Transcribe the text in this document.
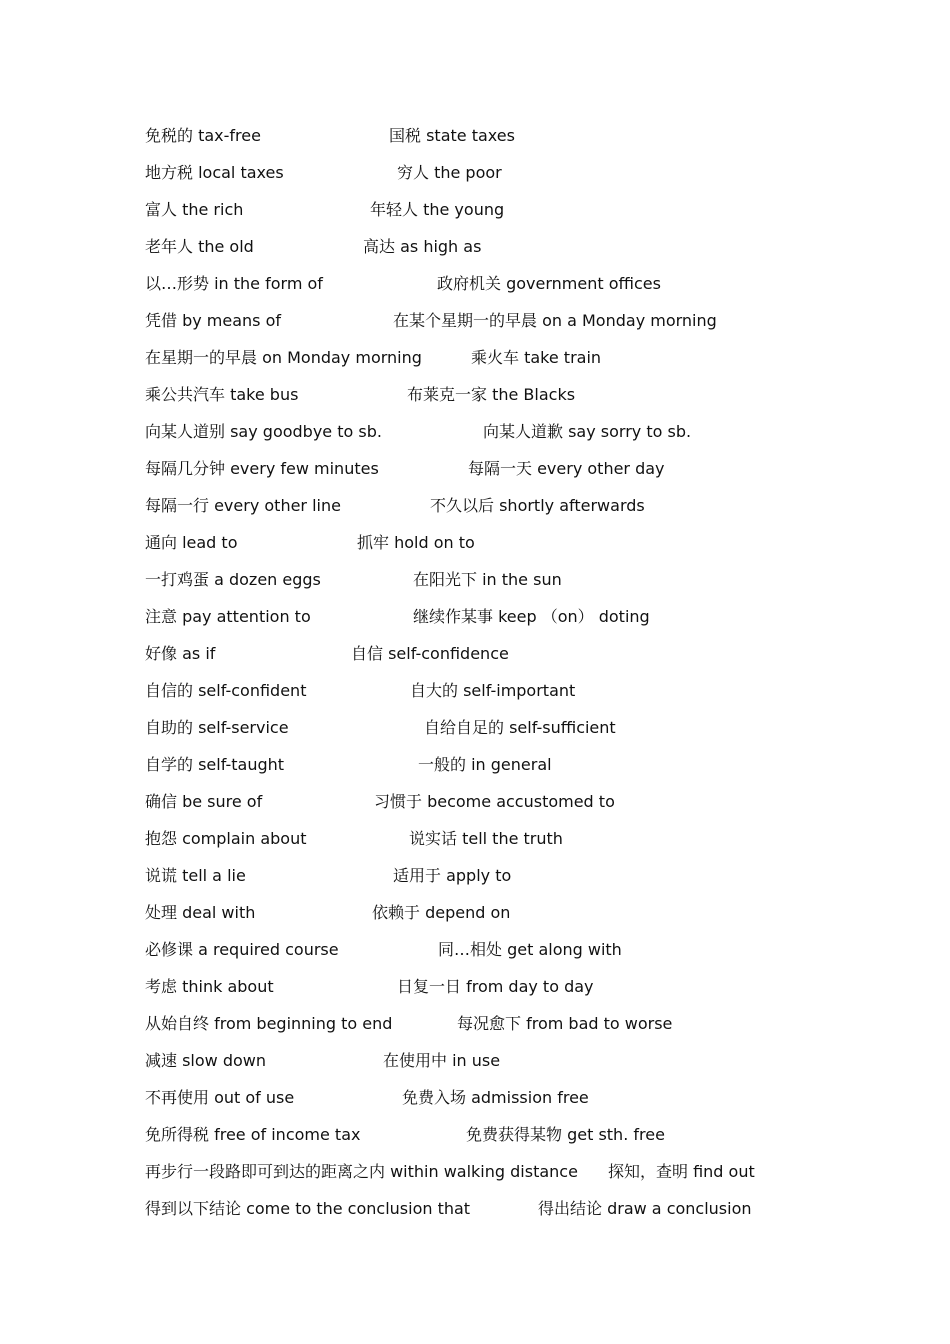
免税的 tax-free	国税 state taxes
地方税 local taxes	穷人 the poor
富人 the rich	年轻人 the young
老年人 the old	高达 as high as
以…形势 in the form of	政府机关 government offices
凭借 by means of	在某个星期一的早晨 on a Monday morning
在星期一的早晨 on Monday morning	乘火车 take train
乘公共汽车 take bus	布莱克一家 the Blacks
向某人道别 say goodbye to sb.	向某人道歉 say sorry to sb.
每隔几分钟 every few minutes	每隔一天 every other day
每隔一行 every other line	不久以后 shortly afterwards
通向 lead to	抓牢 hold on to
一打鸡蛋 a dozen eggs	在阳光下 in the sun
注意 pay attention to	继续作某事 keep （on） doting
好像 as if	自信 self-confidence
自信的 self-confident	自大的 self-important
自助的 self-service	自给自足的 self-sufficient
自学的 self-taught	一般的 in general
确信 be sure of	习惯于 become accustomed to
抱怨 complain about	说实话 tell the truth
说谎 tell a lie	适用于 apply to
处理 deal with	依赖于 depend on
必修课 a required course	同…相处 get along with
考虑 think about	日复一日 from day to day
从始自终 from beginning to end	每况愈下 from bad to worse
减速 slow down	在使用中 in use
不再使用 out of use	免费入场 admission free
免所得税 free of income tax	免费获得某物 get sth. free
再步行一段路即可到达的距离之内 within walking distance 探知，查明 find out
得到以下结论 come to the conclusion that	得出结论 draw a conclusion
